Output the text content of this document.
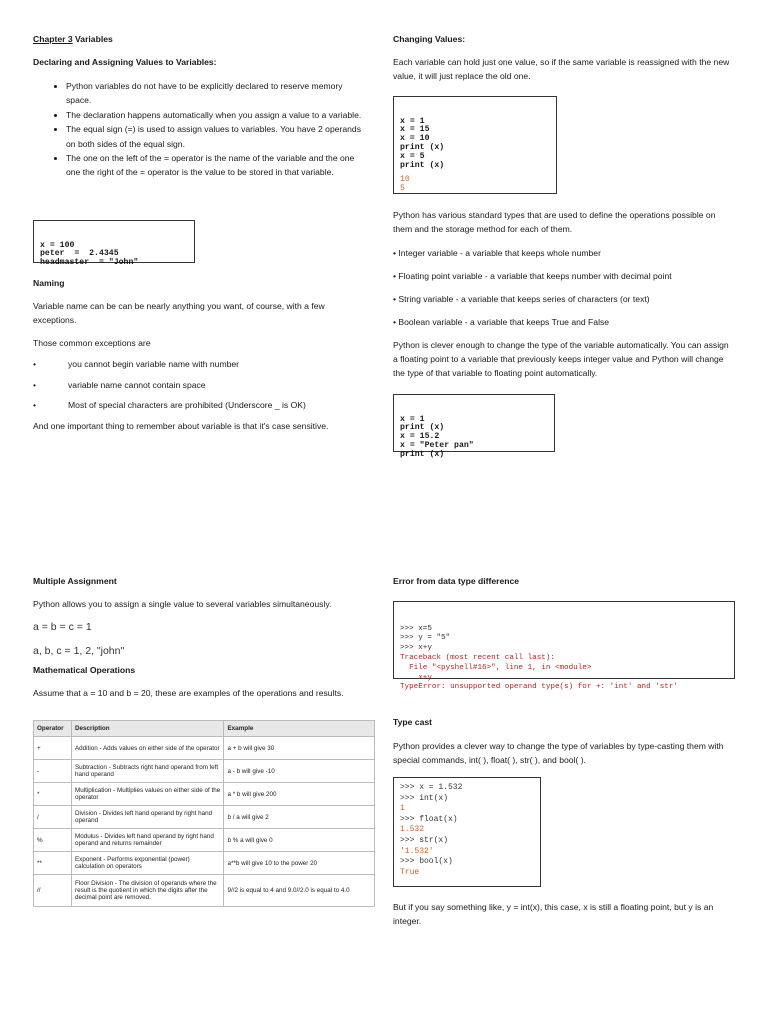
Chapter 3 Variables

Declaring and Assigning Values to Variables:

• Python variables do not have to be explicitly declared to reserve memory space.
• The declaration happens automatically when you assign a value to a variable.
• The equal sign (=) is used to assign values to variables. You have 2 operands on both sides of the equal sign.
• The one on the left of the = operator is the name of the variable and the one one the right of the = operator is the value to be stored in that variable.

x = 100
peter  =  2.4345
headmaster  = "John"

Naming

Variable name can be can be nearly anything you want, of course, with a few exceptions.

Those common exceptions are

•	you cannot begin variable name with number
•	variable name cannot contain space
•	Most of special characters are prohibited (Underscore _ is OK)

And one important thing to remember about variable is that it's case sensitive.

Changing Values:

Each variable can hold just one value, so if the same variable is reassigned with the new value, it will just replace the old one.

x = 1
x = 15
x = 10
print (x)
x = 5
print (x)
10
5

Python has various standard types that are used to define the operations possible on them and the storage method for each of them.

• Integer variable - a variable that keeps whole number

• Floating point variable - a variable that keeps number with decimal point

• String variable - a variable that keeps series of characters (or text)

• Boolean variable - a variable that keeps True and False

Python is clever enough to change the type of the variable automatically. You can assign a floating point to a variable that previously keeps integer value and Python will change the type of that variable to floating point automatically.

x = 1
print (x)
x = 15.2
x = "Peter pan"
print (x)

Multiple Assignment

Python allows you to assign a single value to several variables simultaneously.

a = b = c = 1

a, b, c = 1, 2, "john"

Mathematical Operations

Assume that a = 10 and b = 20, these are examples of the operations and results.

Operator	Description	Example
+	Addition - Adds values on either side of the operator	a + b will give 30
-	Subtraction - Subtracts right hand operand from left hand operand	a - b will give -10
*	Multiplication - Multiplies values on either side of the operator	a * b will give 200
/	Division - Divides left hand operand by right hand operand	b / a will give 2
%	Modulus - Divides left hand operand by right hand operand and returns remainder	b % a will give 0
**	Exponent - Performs exponential (power) calculation on operators	a**b will give 10 to the power 20
//	Floor Division - The division of operands where the result is the quotient in which the digits after the decimal point are removed.	9//2 is equal to 4 and 9.0//2.0 is equal to 4.0

Error from data type difference

>>> x=5
>>> y = "5"
>>> x+y
Traceback (most recent call last):
File "<pyshell#16>", line 1, in <module>
x+y
TypeError: unsupported operand type(s) for +: 'int' and 'str'

Type cast

Python provides a clever way to change the type of variables by type-casting them with special commands, int( ), float( ), str( ), and bool( ).

>>> x = 1.532
>>> int(x)
1
>>> float(x)
1.532
>>> str(x)
'1.532'
>>> bool(x)
True

But if you say something like, y = int(x), this case, x is still a floating point, but y is an integer.
